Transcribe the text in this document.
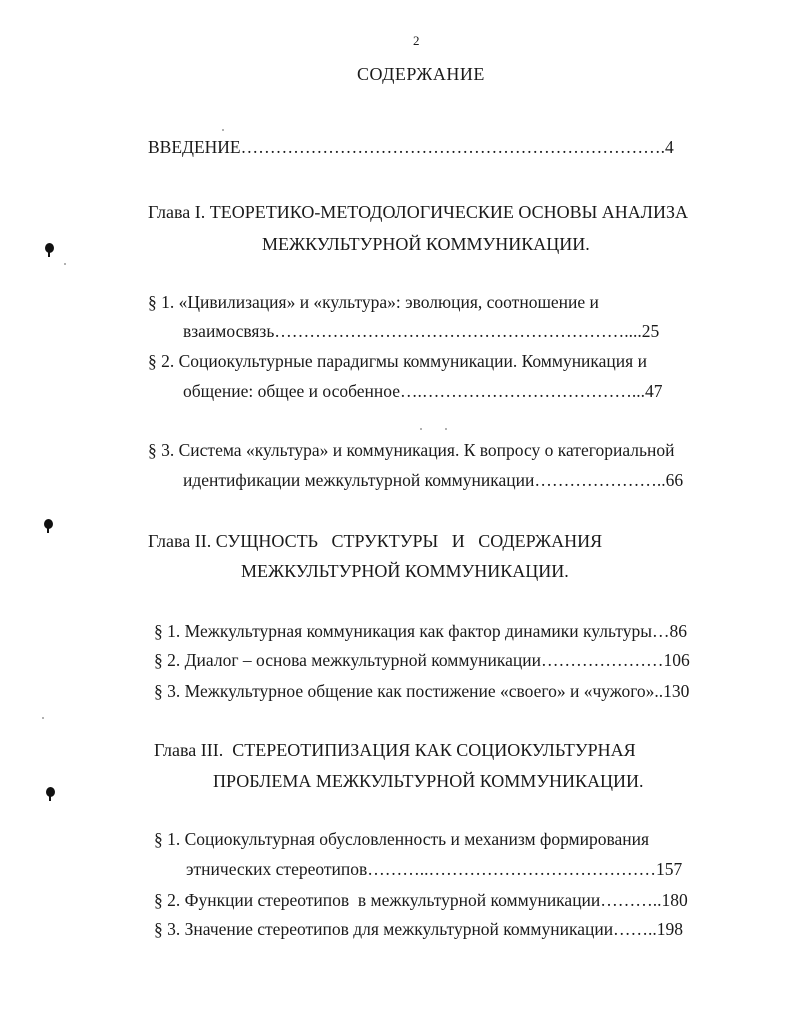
2
СОДЕРЖАНИЕ
ВВЕДЕНИЕ……………………………………………………………….4
Глава I. ТЕОРЕТИКО-МЕТОДОЛОГИЧЕСКИЕ ОСНОВЫ АНАЛИЗА
МЕЖКУЛЬТУРНОЙ КОММУНИКАЦИИ.
§ 1. «Цивилизация» и «культура»: эволюция, соотношение и
взаимосвязь……………………………………………………....25
§ 2. Социокультурные парадигмы коммуникации. Коммуникация и
общение: общее и особенное….………………………………...47
§ 3. Система «культура» и коммуникация. К вопросу о категориальной
идентификации межкультурной коммуникации…………………..66
Глава II. СУЩНОСТЬ   СТРУКТУРЫ   И   СОДЕРЖАНИЯ
МЕЖКУЛЬТУРНОЙ КОММУНИКАЦИИ.
§ 1. Межкультурная коммуникация как фактор динамики культуры…86
§ 2. Диалог – основа межкультурной коммуникации…………………106
§ 3. Межкультурное общение как постижение «своего» и «чужого»..130
Глава III.  СТЕРЕОТИПИЗАЦИЯ КАК СОЦИОКУЛЬТУРНАЯ
ПРОБЛЕМА МЕЖКУЛЬТУРНОЙ КОММУНИКАЦИИ.
§ 1. Социокультурная обусловленность и механизм формирования
этнических стереотипов………..…………………………………157
§ 2. Функции стереотипов  в межкультурной коммуникации………..180
§ 3. Значение стереотипов для межкультурной коммуникации……..198
